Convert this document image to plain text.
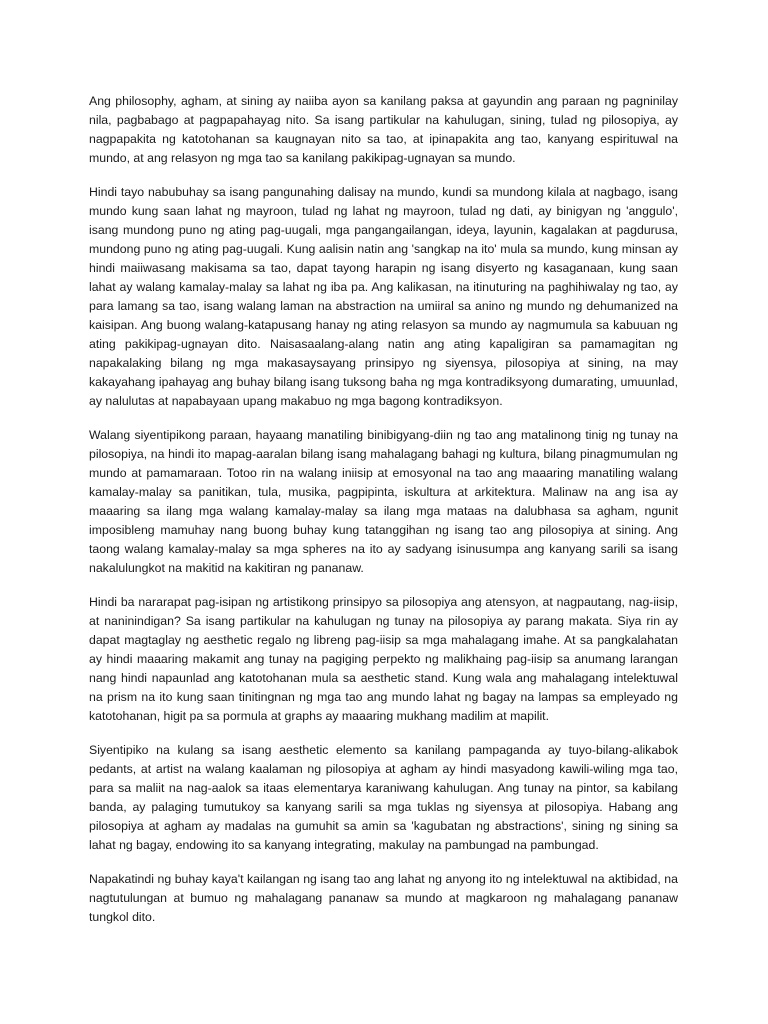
Ang philosophy, agham, at sining ay naiiba ayon sa kanilang paksa at gayundin ang paraan ng pagninilay nila, pagbabago at pagpapahayag nito. Sa isang partikular na kahulugan, sining, tulad ng pilosopiya, ay nagpapakita ng katotohanan sa kaugnayan nito sa tao, at ipinapakita ang tao, kanyang espirituwal na mundo, at ang relasyon ng mga tao sa kanilang pakikipag-ugnayan sa mundo.

Hindi tayo nabubuhay sa isang pangunahing dalisay na mundo, kundi sa mundong kilala at nagbago, isang mundo kung saan lahat ng mayroon, tulad ng lahat ng mayroon, tulad ng dati, ay binigyan ng 'anggulo', isang mundong puno ng ating pag-uugali, mga pangangailangan, ideya, layunin, kagalakan at pagdurusa, mundong puno ng ating pag-uugali. Kung aalisin natin ang 'sangkap na ito' mula sa mundo, kung minsan ay hindi maiiwasang makisama sa tao, dapat tayong harapin ng isang disyerto ng kasaganaan, kung saan lahat ay walang kamalay-malay sa lahat ng iba pa. Ang kalikasan, na itinuturing na paghihiwalay ng tao, ay para lamang sa tao, isang walang laman na abstraction na umiiral sa anino ng mundo ng dehumanized na kaisipan. Ang buong walang-katapusang hanay ng ating relasyon sa mundo ay nagmumula sa kabuuan ng ating pakikipag-ugnayan dito. Naisasaalang-alang natin ang ating kapaligiran sa pamamagitan ng napakalaking bilang ng mga makasaysayang prinsipyo ng siyensya, pilosopiya at sining, na may kakayahang ipahayag ang buhay bilang isang tuksong baha ng mga kontradiksyong dumarating, umuunlad, ay nalulutas at napabayaan upang makabuo ng mga bagong kontradiksyon.

Walang siyentipikong paraan, hayaang manatiling binibigyang-diin ng tao ang matalinong tinig ng tunay na pilosopiya, na hindi ito mapag-aaralan bilang isang mahalagang bahagi ng kultura, bilang pinagmumulan ng mundo at pamamaraan. Totoo rin na walang iniisip at emosyonal na tao ang maaaring manatiling walang kamalay-malay sa panitikan, tula, musika, pagpipinta, iskultura at arkitektura. Malinaw na ang isa ay maaaring sa ilang mga walang kamalay-malay sa ilang mga mataas na dalubhasa sa agham, ngunit imposibleng mamuhay nang buong buhay kung tatanggihan ng isang tao ang pilosopiya at sining. Ang taong walang kamalay-malay sa mga spheres na ito ay sadyang isinusumpa ang kanyang sarili sa isang nakalulungkot na makitid na kakitiran ng pananaw.

Hindi ba nararapat pag-isipan ng artistikong prinsipyo sa pilosopiya ang atensyon, at nagpautang, nag-iisip, at naninindigan? Sa isang partikular na kahulugan ng tunay na pilosopiya ay parang makata. Siya rin ay dapat magtaglay ng aesthetic regalo ng libreng pag-iisip sa mga mahalagang imahe. At sa pangkalahatan ay hindi maaaring makamit ang tunay na pagiging perpekto ng malikhaing pag-iisip sa anumang larangan nang hindi napaunlad ang katotohanan mula sa aesthetic stand. Kung wala ang mahalagang intelektuwal na prism na ito kung saan tinitingnan ng mga tao ang mundo lahat ng bagay na lampas sa empleyado ng katotohanan, higit pa sa pormula at graphs ay maaaring mukhang madilim at mapilit.

Siyentipiko na kulang sa isang aesthetic elemento sa kanilang pampaganda ay tuyo-bilang-alikabok pedants, at artist na walang kaalaman ng pilosopiya at agham ay hindi masyadong kawili-wiling mga tao, para sa maliit na nag-aalok sa itaas elementarya karaniwang kahulugan. Ang tunay na pintor, sa kabilang banda, ay palaging tumutukoy sa kanyang sarili sa mga tuklas ng siyensya at pilosopiya. Habang ang pilosopiya at agham ay madalas na gumuhit sa amin sa 'kagubatan ng abstractions', sining ng sining sa lahat ng bagay, endowing ito sa kanyang integrating, makulay na pambungad na pambungad.

Napakatindi ng buhay kaya't kailangan ng isang tao ang lahat ng anyong ito ng intelektuwal na aktibidad, na nagtutulungan at bumuo ng mahalagang pananaw sa mundo at magkaroon ng mahalagang pananaw tungkol dito.
